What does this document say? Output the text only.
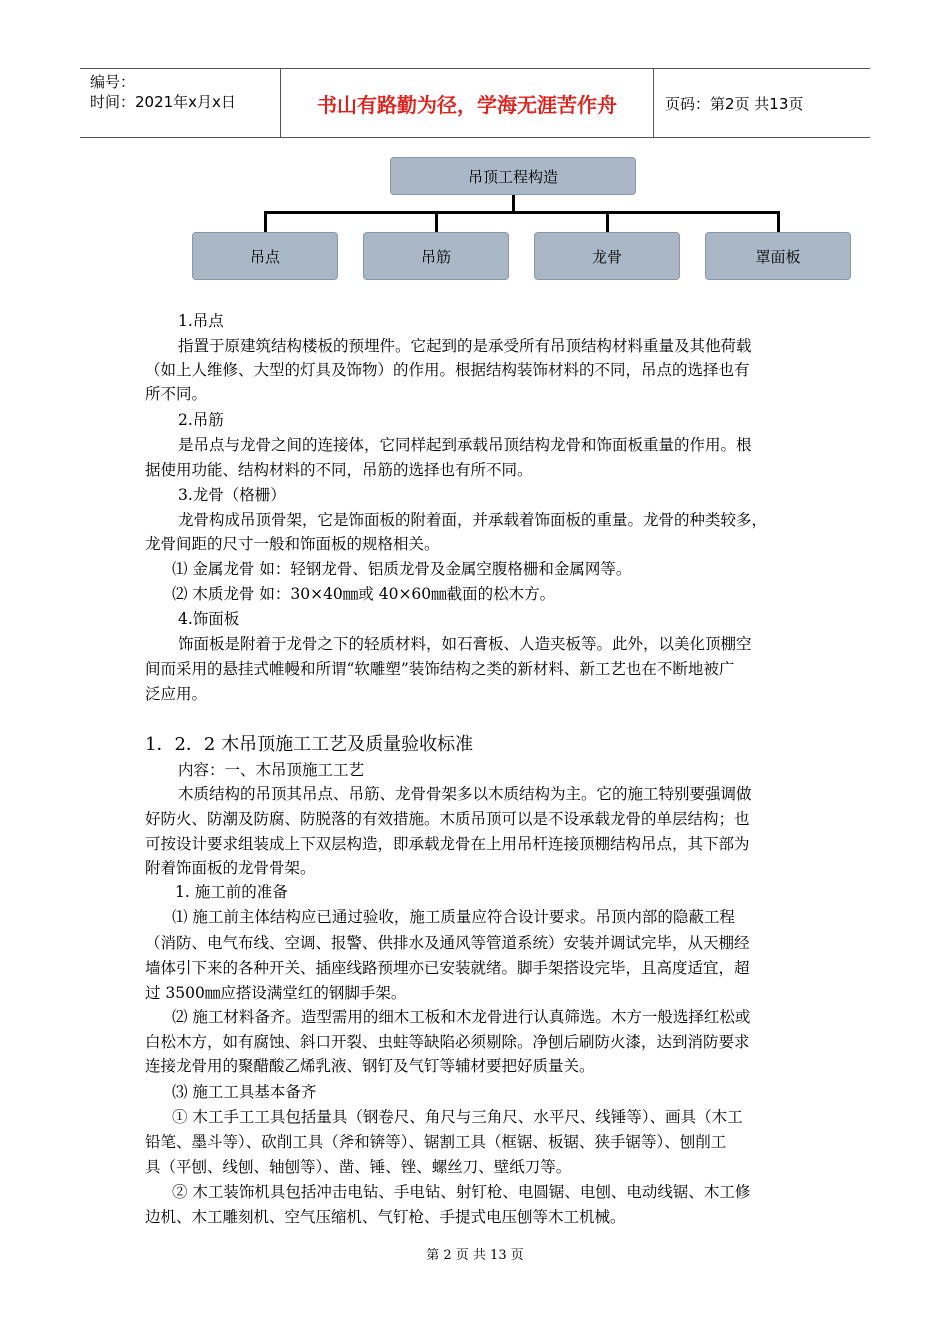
编号：
时间：2021年x月x日	书山有路勤为径，学海无涯苦作舟	页码：第2页 共13页
吊顶工程构造
吊点	吊筋	龙骨	罩面板
1.吊点
指置于原建筑结构楼板的预埋件。它起到的是承受所有吊顶结构材料重量及其他荷载
（如上人维修、大型的灯具及饰物）的作用。根据结构装饰材料的不同，吊点的选择也有
所不同。
2.吊筋
是吊点与龙骨之间的连接体，它同样起到承载吊顶结构龙骨和饰面板重量的作用。根
据使用功能、结构材料的不同，吊筋的选择也有所不同。
3.龙骨（格栅）
龙骨构成吊顶骨架，它是饰面板的附着面，并承载着饰面板的重量。龙骨的种类较多，
龙骨间距的尺寸一般和饰面板的规格相关。
⑴ 金属龙骨 如：轻钢龙骨、铝质龙骨及金属空腹格栅和金属网等。
⑵ 木质龙骨 如：30×40㎜或 40×60㎜截面的松木方。
4.饰面板
饰面板是附着于龙骨之下的轻质材料，如石膏板、人造夹板等。此外，以美化顶棚空
间而采用的悬挂式帷幔和所谓“软雕塑”装饰结构之类的新材料、新工艺也在不断地被广
泛应用。
1．2．2 木吊顶施工工艺及质量验收标准
内容：一、木吊顶施工工艺
木质结构的吊顶其吊点、吊筋、龙骨骨架多以木质结构为主。它的施工特别要强调做
好防火、防潮及防腐、防脱落的有效措施。木质吊顶可以是不设承载龙骨的单层结构；也
可按设计要求组装成上下双层构造，即承载龙骨在上用吊杆连接顶棚结构吊点，其下部为
附着饰面板的龙骨骨架。
1. 施工前的准备
⑴ 施工前主体结构应已通过验收，施工质量应符合设计要求。吊顶内部的隐蔽工程
（消防、电气布线、空调、报警、供排水及通风等管道系统）安装并调试完毕，从天棚经
墙体引下来的各种开关、插座线路预埋亦已安装就绪。脚手架搭设完毕，且高度适宜，超
过 3500㎜应搭设满堂红的钢脚手架。
⑵ 施工材料备齐。造型需用的细木工板和木龙骨进行认真筛选。木方一般选择红松或
白松木方，如有腐蚀、斜口开裂、虫蛀等缺陷必须剔除。净刨后刷防火漆，达到消防要求
连接龙骨用的聚醋酸乙烯乳液、钢钉及气钉等辅材要把好质量关。
⑶ 施工工具基本备齐
① 木工手工工具包括量具（钢卷尺、角尺与三角尺、水平尺、线锤等）、画具（木工
铅笔、墨斗等）、砍削工具（斧和锛等）、锯割工具（框锯、板锯、狭手锯等）、刨削工
具（平刨、线刨、轴刨等）、凿、锤、锉、螺丝刀、壁纸刀等。
② 木工装饰机具包括冲击电钻、手电钻、射钉枪、电圆锯、电刨、电动线锯、木工修
边机、木工雕刻机、空气压缩机、气钉枪、手提式电压刨等木工机械。
第 2 页 共 13 页
